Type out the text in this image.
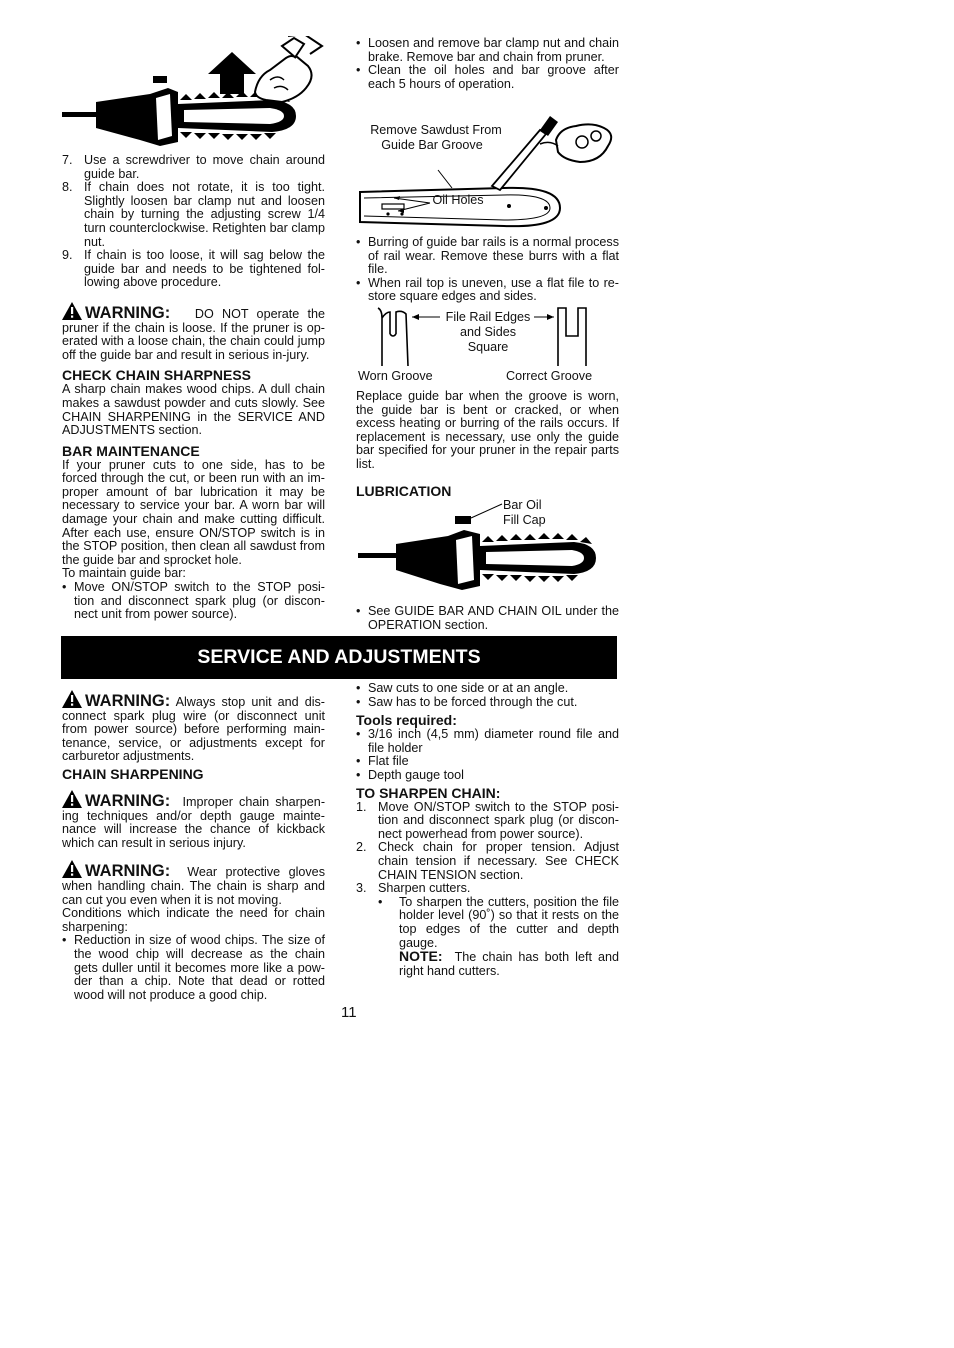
7. Use a screwdriver to move chain around guide bar.
8. If chain does not rotate, it is too tight. Slightly loosen bar clamp nut and loosen chain by turning the adjusting screw 1/4 turn counterclockwise. Retighten bar clamp nut.
9. If chain is too loose, it will sag below the guide bar and needs to be tightened fol-lowing above procedure.

WARNING: DO NOT operate the pruner if the chain is loose. If the pruner is op-erated with a loose chain, the chain could jump off the guide bar and result in serious in-jury.

CHECK CHAIN SHARPNESS

A sharp chain makes wood chips. A dull chain makes a sawdust powder and cuts slowly. See CHAIN SHARPENING in the SERVICE AND ADJUSTMENTS section.

BAR MAINTENANCE

If your pruner cuts to one side, has to be forced through the cut, or been run with an im-proper amount of bar lubrication it may be necessary to service your bar. A worn bar will damage your chain and make cutting difficult. After each use, ensure ON/STOP switch is in the STOP position, then clean all sawdust from the guide bar and sprocket hole.

To maintain guide bar:

• Move ON/STOP switch to the STOP posi-tion and disconnect spark plug (or discon-nect unit from power source).
• Loosen and remove bar clamp nut and chain brake. Remove bar and chain from pruner.
• Clean the oil holes and bar groove after each 5 hours of operation.
Remove Sawdust From
Guide Bar Groove
Oil Holes
• Burring of guide bar rails is a normal process of rail wear. Remove these burrs with a flat file.
• When rail top is uneven, use a flat file to re-store square edges and sides.
File Rail Edges
and Sides
Square
Worn Groove	Correct Groove

Replace guide bar when the groove is worn, the guide bar is bent or cracked, or when excess heating or burring of the rails occurs. If replacement is necessary, use only the guide bar specified for your pruner in the repair parts list.

LUBRICATION
Bar Oil
Fill Cap
• See GUIDE BAR AND CHAIN OIL under the OPERATION section.
SERVICE AND ADJUSTMENTS

WARNING: Always stop unit and dis-connect spark plug wire (or disconnect unit from power source) before performing main-tenance, service, or adjustments except for carburetor adjustments.

CHAIN SHARPENING

WARNING: Improper chain sharpen-ing techniques and/or depth gauge mainte-nance will increase the chance of kickback which can result in serious injury.

WARNING: Wear protective gloves when handling chain. The chain is sharp and can cut you even when it is not moving.

Conditions which indicate the need for chain sharpening:

• Reduction in size of wood chips. The size of the wood chip will decrease as the chain gets duller until it becomes more like a pow-der than a chip. Note that dead or rotted wood will not produce a good chip.
• Saw cuts to one side or at an angle.
• Saw has to be forced through the cut.
Tools required:
• 3/16 inch (4,5 mm) diameter round file and file holder
• Flat file
• Depth gauge tool
TO SHARPEN CHAIN:
1. Move ON/STOP switch to the STOP posi-tion and disconnect spark plug (or discon-nect powerhead from power source).
2. Check chain for proper tension. Adjust chain tension if necessary. See CHECK CHAIN TENSION section.
3. Sharpen cutters.
•	To sharpen the cutters, position the file holder level (90˚) so that it rests on the top edges of the cutter and depth gauge.

NOTE: The chain has both left and right hand cutters.

11
